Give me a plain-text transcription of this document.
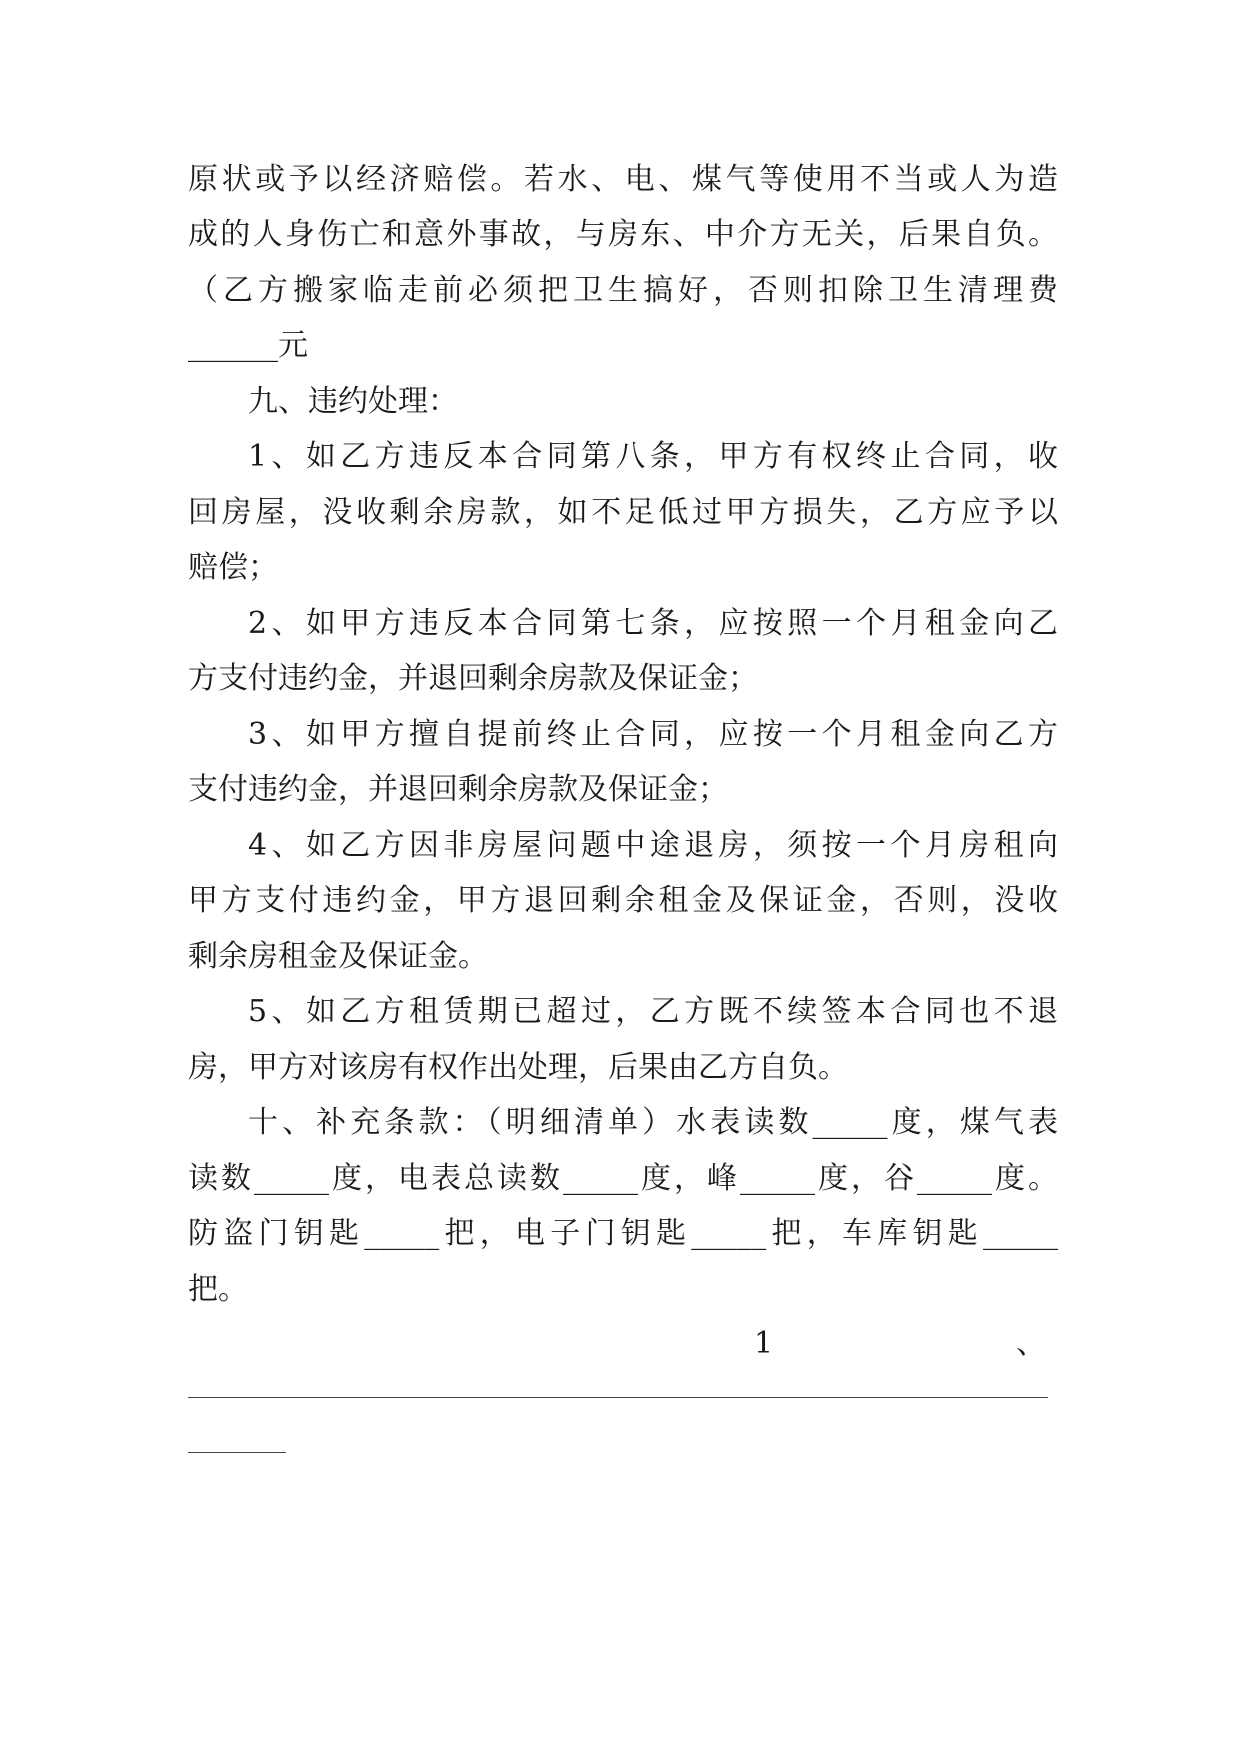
原状或予以经济赔偿。若水、电、煤气等使用不当或人为造
成的人身伤亡和意外事故，与房东、中介方无关，后果自负。
（乙方搬家临走前必须把卫生搞好，否则扣除卫生清理费
______元
九、违约处理：
1、如乙方违反本合同第八条，甲方有权终止合同，收
回房屋，没收剩余房款，如不足低过甲方损失，乙方应予以
赔偿；
2、如甲方违反本合同第七条，应按照一个月租金向乙
方支付违约金，并退回剩余房款及保证金；
3、如甲方擅自提前终止合同，应按一个月租金向乙方
支付违约金，并退回剩余房款及保证金；
4、如乙方因非房屋问题中途退房，须按一个月房租向
甲方支付违约金，甲方退回剩余租金及保证金，否则，没收
剩余房租金及保证金。
5、如乙方租赁期已超过，乙方既不续签本合同也不退
房，甲方对该房有权作出处理，后果由乙方自负。
十、补充条款：（明细清单）水表读数_____度，煤气表
读数_____度，电表总读数_____度，峰_____度，谷_____度。
防盗门钥匙_____把，电子门钥匙_____把，车库钥匙_____
把。
1	、
